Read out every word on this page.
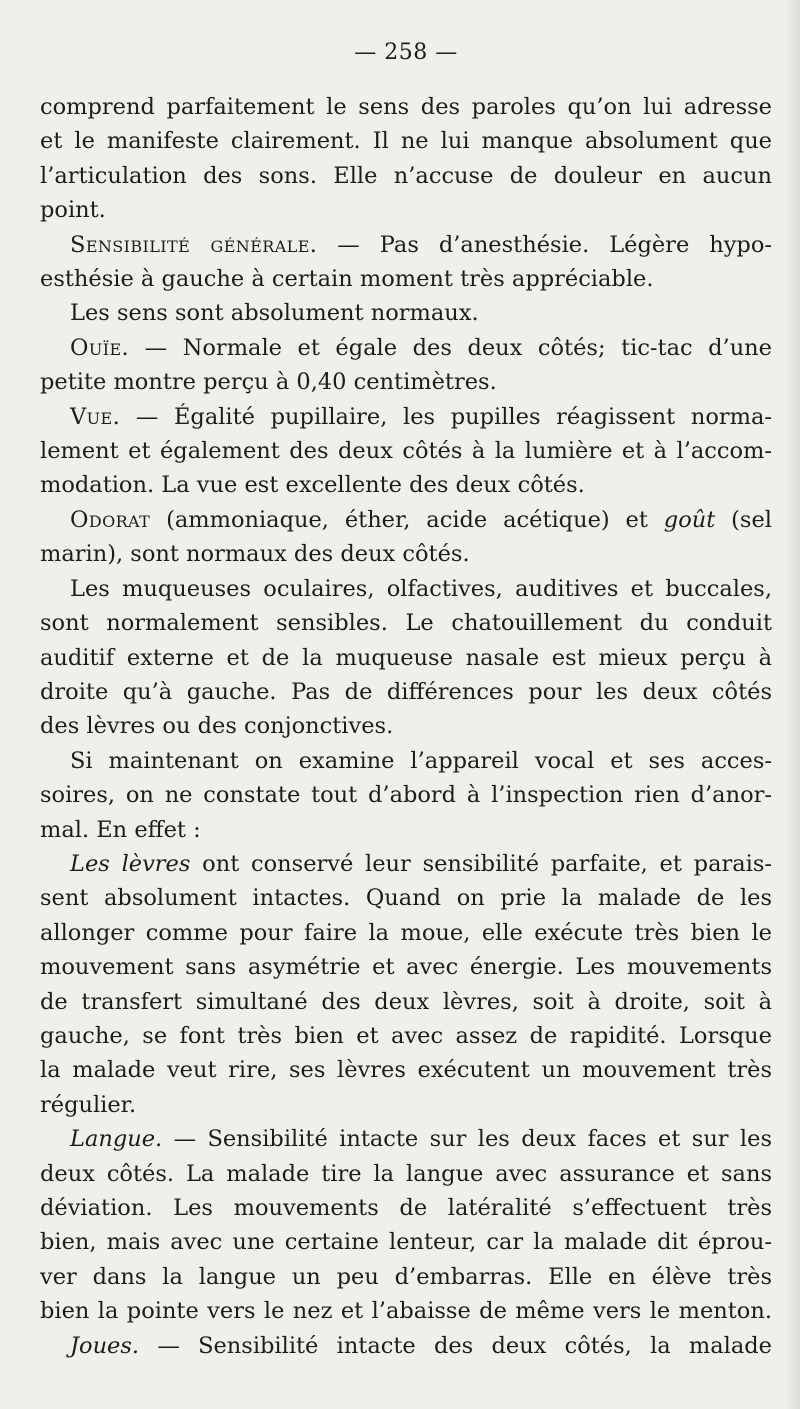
— 258 —
comprend parfaitement le sens des paroles qu’on lui adresse
et le manifeste clairement. Il ne lui manque absolument que
l’articulation des sons. Elle n’accuse de douleur en aucun
point.
Sensibilité générale. — Pas d’anesthésie. Légère hypo-
esthésie à gauche à certain moment très appréciable.
Les sens sont absolument normaux.
Ouïe. — Normale et égale des deux côtés; tic-tac d’une
petite montre perçu à 0,40 centimètres.
Vue. — Égalité pupillaire, les pupilles réagissent norma-
lement et également des deux côtés à la lumière et à l’accom-
modation. La vue est excellente des deux côtés.
Odorat (ammoniaque, éther, acide acétique) et goût (sel
marin), sont normaux des deux côtés.
Les muqueuses oculaires, olfactives, auditives et buccales,
sont normalement sensibles. Le chatouillement du conduit
auditif externe et de la muqueuse nasale est mieux perçu à
droite qu’à gauche. Pas de différences pour les deux côtés
des lèvres ou des conjonctives.
Si maintenant on examine l’appareil vocal et ses acces-
soires, on ne constate tout d’abord à l’inspection rien d’anor-
mal. En effet :
Les lèvres ont conservé leur sensibilité parfaite, et parais-
sent absolument intactes. Quand on prie la malade de les
allonger comme pour faire la moue, elle exécute très bien le
mouvement sans asymétrie et avec énergie. Les mouvements
de transfert simultané des deux lèvres, soit à droite, soit à
gauche, se font très bien et avec assez de rapidité. Lorsque
la malade veut rire, ses lèvres exécutent un mouvement très
régulier.
Langue. — Sensibilité intacte sur les deux faces et sur les
deux côtés. La malade tire la langue avec assurance et sans
déviation. Les mouvements de latéralité s’effectuent très
bien, mais avec une certaine lenteur, car la malade dit éprou-
ver dans la langue un peu d’embarras. Elle en élève très
bien la pointe vers le nez et l’abaisse de même vers le menton.
Joues. — Sensibilité intacte des deux côtés, la malade
